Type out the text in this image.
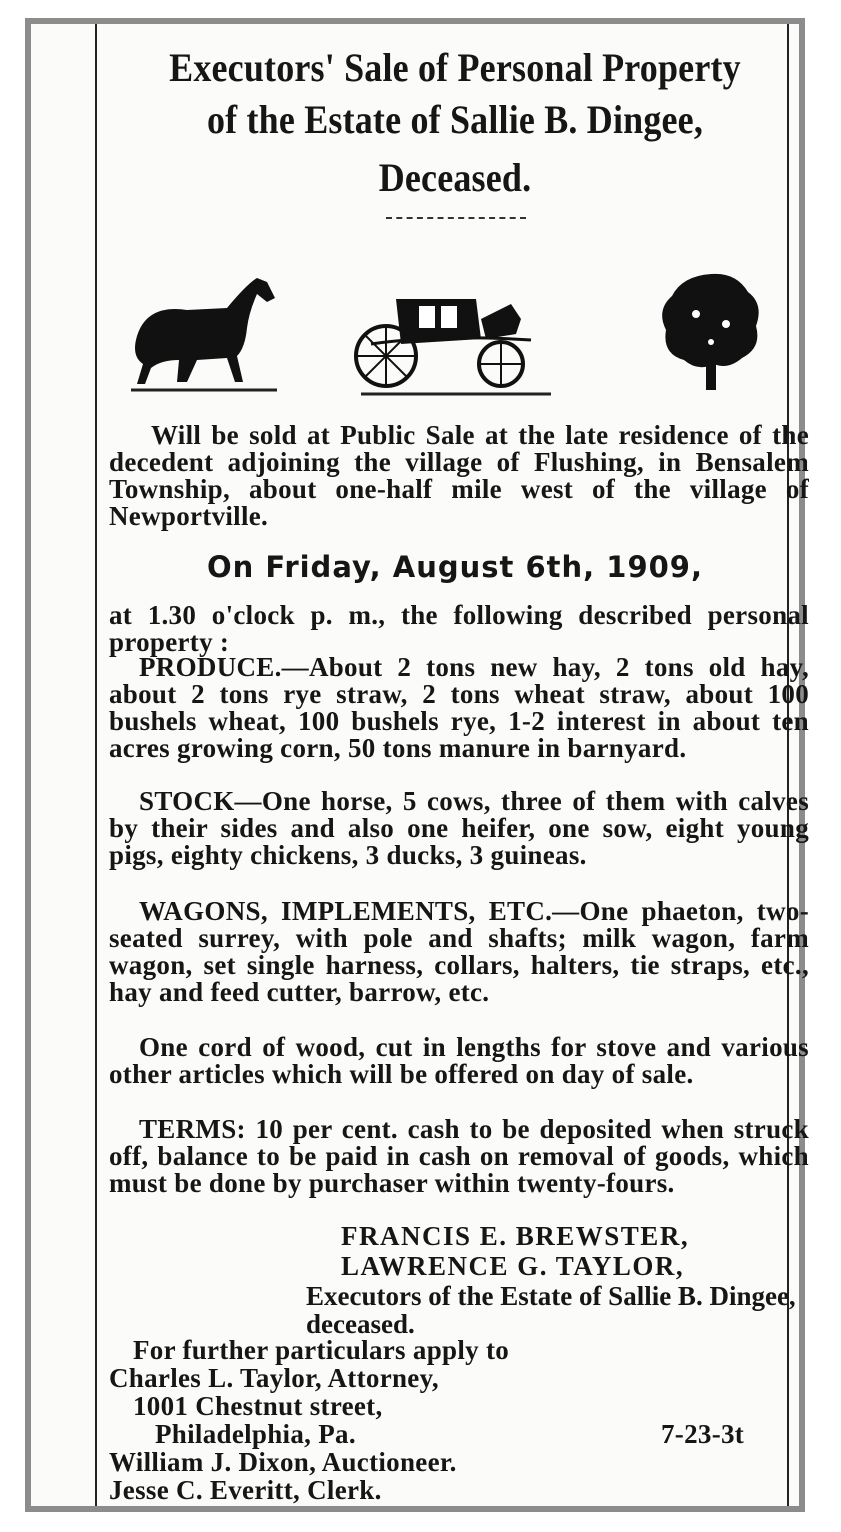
Executors' Sale of Personal Property
of the Estate of Sallie B. Dingee,
Deceased.
Will be sold at Public Sale at the late residence of the decedent adjoining the village of Flushing, in Bensalem Township, about one-half mile west of the village of Newportville.
On Friday, August 6th, 1909,
at 1.30 o'clock p. m., the following described personal property :
PRODUCE.—About 2 tons new hay, 2 tons old hay, about 2 tons rye straw, 2 tons wheat straw, about 100 bushels wheat, 100 bushels rye, 1-2 interest in about ten acres growing corn, 50 tons manure in barnyard.
STOCK—One horse, 5 cows, three of them with calves by their sides and also one heifer, one sow, eight young pigs, eighty chickens, 3 ducks, 3 guineas.
WAGONS, IMPLEMENTS, ETC.—One phaeton, two-seated surrey, with pole and shafts; milk wagon, farm wagon, set single harness, collars, halters, tie straps, etc., hay and feed cutter, barrow, etc.
One cord of wood, cut in lengths for stove and various other articles which will be offered on day of sale.
TERMS: 10 per cent. cash to be deposited when struck off, balance to be paid in cash on removal of goods, which must be done by purchaser within twenty-fours.
FRANCIS E. BREWSTER,
LAWRENCE G. TAYLOR,
Executors of the Estate of Sallie B. Dingee, deceased.
For further particulars apply to
Charles L. Taylor, Attorney,
1001 Chestnut street,
Philadelphia, Pa.	7-23-3t
William J. Dixon, Auctioneer.
Jesse C. Everitt, Clerk.
